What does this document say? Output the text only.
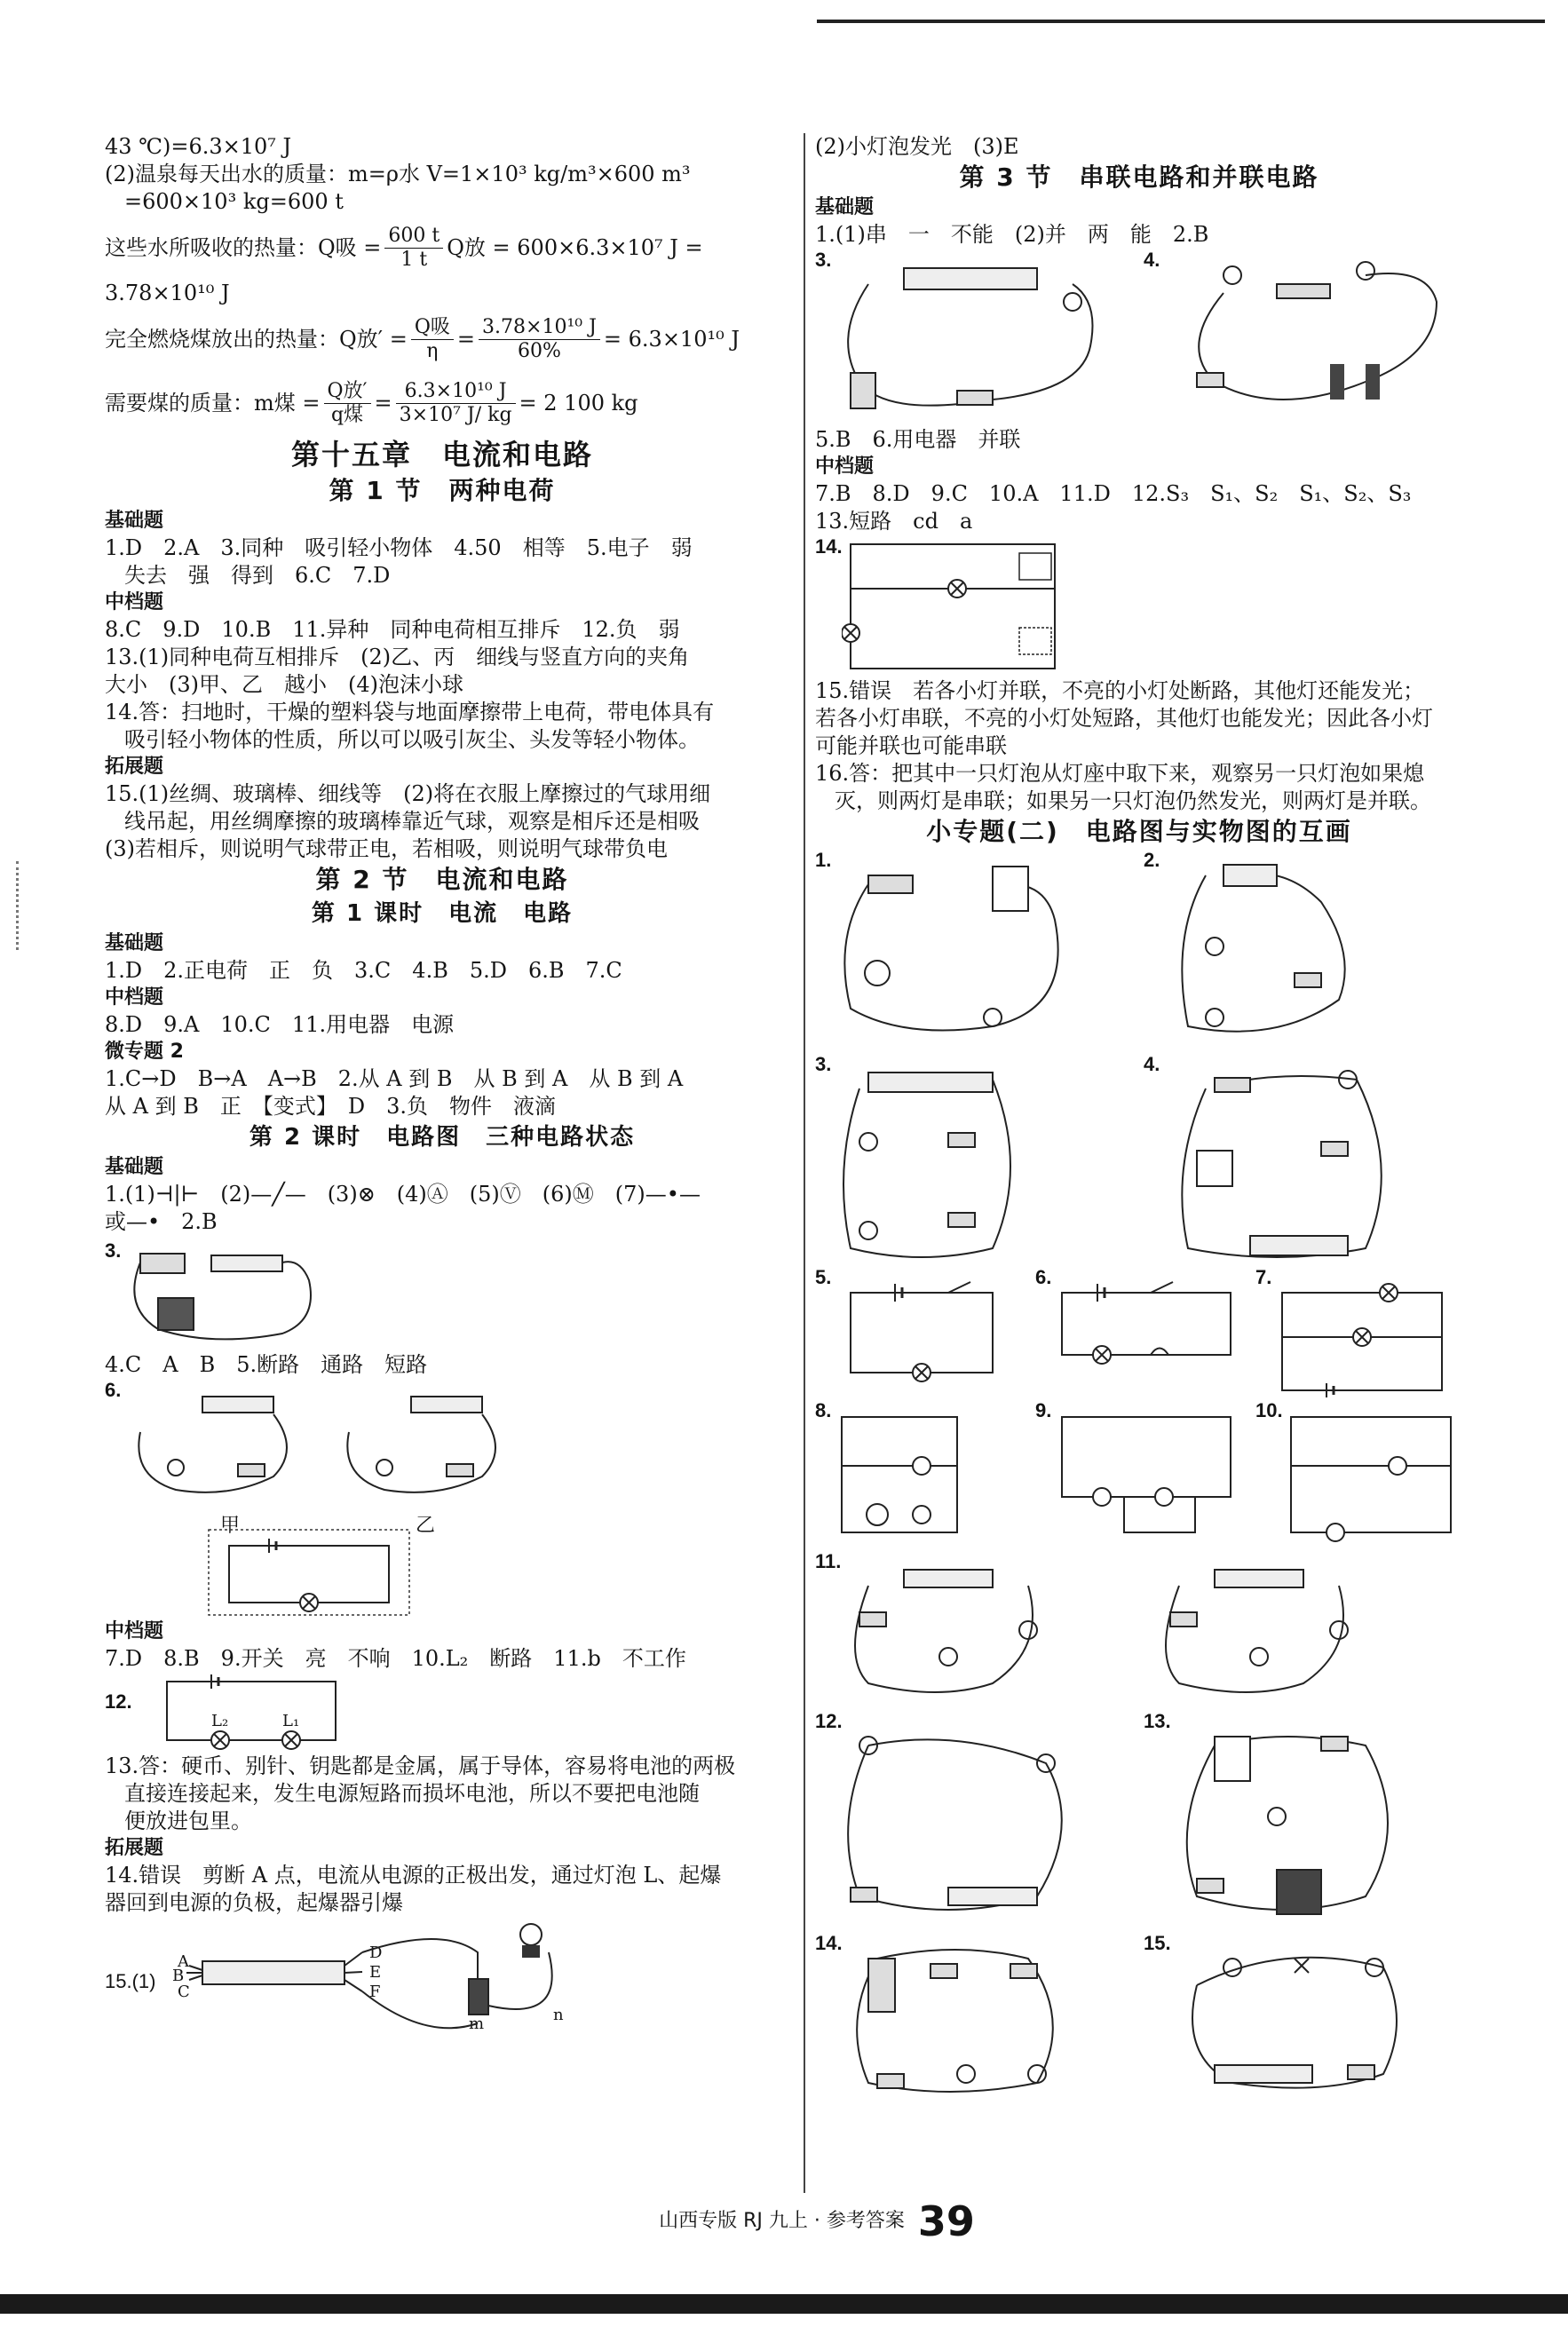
43 ℃)=6.3×10⁷ J
(2)温泉每天出水的质量：m=ρ水 V=1×10³ kg/m³×600 m³
=600×10³ kg=600 t
这些水所吸收的热量：Q吸 = $\frac{600 t}{1 t}$ Q放 = 600×6.3×10⁷ J =
3.78×10¹⁰ J
完全燃烧煤放出的热量：Q放′ = $\frac{\text{Q吸}}{\eta} = \frac{\text{3.78×10¹⁰ J}}{60\%} = 6.3\times 10^{10}$ J
需要煤的质量：m煤 = $\frac{\text{Q放′}}{\text{q煤}} = \frac{\text{6.3×10¹⁰ J}}{\text{3×10⁷ J/ kg}} = 2$ 100 kg
第十五章　电流和电路
第 1 节　两种电荷
基础题
1.D　2.A　3.同种　吸引轻小物体　4.50　相等　5.电子　弱
失去　强　得到　6.C　7.D
中档题
8.C　9.D　10.B　11.异种　同种电荷相互排斥　12.负　弱
13.(1)同种电荷互相排斥　(2)乙、丙　细线与竖直方向的夹角
大小　(3)甲、乙　越小　(4)泡沫小球
14.答：扫地时，干燥的塑料袋与地面摩擦带上电荷，带电体具有
吸引轻小物体的性质，所以可以吸引灰尘、头发等轻小物体。
拓展题
15.(1)丝绸、玻璃棒、细线等　(2)将在衣服上摩擦过的气球用细
线吊起，用丝绸摩擦的玻璃棒靠近气球，观察是相斥还是相吸
(3)若相斥，则说明气球带正电，若相吸，则说明气球带负电
第 2 节　电流和电路
第 1 课时　电流　电路
基础题
1.D　2.正电荷　正　负　3.C　4.B　5.D　6.B　7.C
中档题
8.D　9.A　10.C　11.用电器　电源
微专题 2
1.C→D　B→A　A→B　2.从 A 到 B　从 B 到 A　从 B 到 A
从 A 到 B　正　【变式】　D　3.负　物件　液滴
第 2 课时　电路图　三种电路状态
基础题
1.(1)⊣|⊢　(2)—╱—　(3)⊗　(4)Ⓐ　(5)Ⓥ　(6)Ⓜ　(7)—•—
或—•　2.B
3.
4.C　A　B　5.断路　通路　短路
6.
甲	乙
中档题
7.D　8.B　9.开关　亮　不响　10.L₂　断路　11.b　不工作
12.
L₂	L₁
13.答：硬币、别针、钥匙都是金属，属于导体，容易将电池的两极
直接连接起来，发生电源短路而损坏电池，所以不要把电池随
便放进包里。
拓展题
14.错误　剪断 A 点，电流从电源的正极出发，通过灯泡 L、起爆
器回到电源的负极，起爆器引爆
15.(1)
A
B
C
D
E
F
m	n
(2)小灯泡发光　(3)E
第 3 节　串联电路和并联电路
基础题
1.(1)串　一　不能　(2)并　两　能　2.B
3.	4.
5.B　6.用电器　并联
中档题
7.B　8.D　9.C　10.A　11.D　12.S₃　S₁、S₂　S₁、S₂、S₃
13.短路　cd　a
14.
15.错误　若各小灯并联，不亮的小灯处断路，其他灯还能发光；
若各小灯串联，不亮的小灯处短路，其他灯也能发光；因此各小灯
可能并联也可能串联
16.答：把其中一只灯泡从灯座中取下来，观察另一只灯泡如果熄
灭，则两灯是串联；如果另一只灯泡仍然发光，则两灯是并联。
小专题(二)　电路图与实物图的互画
1.	2.
3.	4.
5.	6.	7.
8.	9.	10.
11.
12.	13.
14.	15.
山西专版 RJ 九上 · 参考答案 39
